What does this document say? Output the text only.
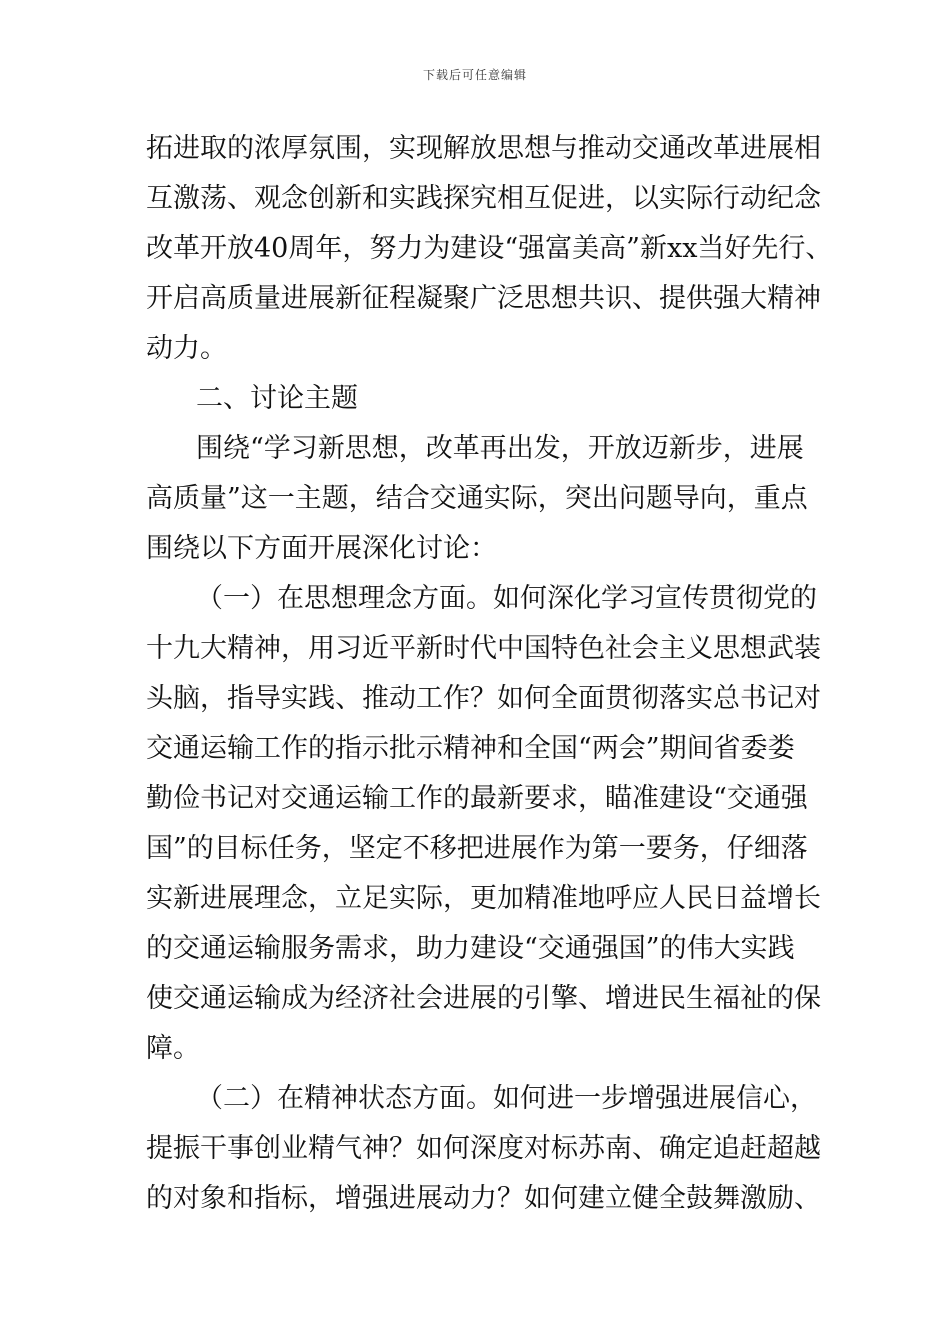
下载后可任意编辑

拓进取的浓厚氛围，实现解放思想与推动交通改革进展相
互激荡、观念创新和实践探究相互促进，以实际行动纪念
改革开放40周年，努力为建设“强富美高”新xx当好先行、
开启高质量进展新征程凝聚广泛思想共识、提供强大精神
动力。

二、讨论主题

围绕“学习新思想，改革再出发，开放迈新步，进展
高质量”这一主题，结合交通实际，突出问题导向，重点
围绕以下方面开展深化讨论：

（一）在思想理念方面。如何深化学习宣传贯彻党的
十九大精神，用习近平新时代中国特色社会主义思想武装
头脑，指导实践、推动工作？如何全面贯彻落实总书记对
交通运输工作的指示批示精神和全国“两会”期间省委娄
勤俭书记对交通运输工作的最新要求，瞄准建设“交通强
国”的目标任务，坚定不移把进展作为第一要务，仔细落
实新进展理念，立足实际，更加精准地呼应人民日益增长
的交通运输服务需求，助力建设“交通强国”的伟大实践
使交通运输成为经济社会进展的引擎、增进民生福祉的保
障。

（二）在精神状态方面。如何进一步增强进展信心，
提振干事创业精气神？如何深度对标苏南、确定追赶超越
的对象和指标，增强进展动力？如何建立健全鼓舞激励、
